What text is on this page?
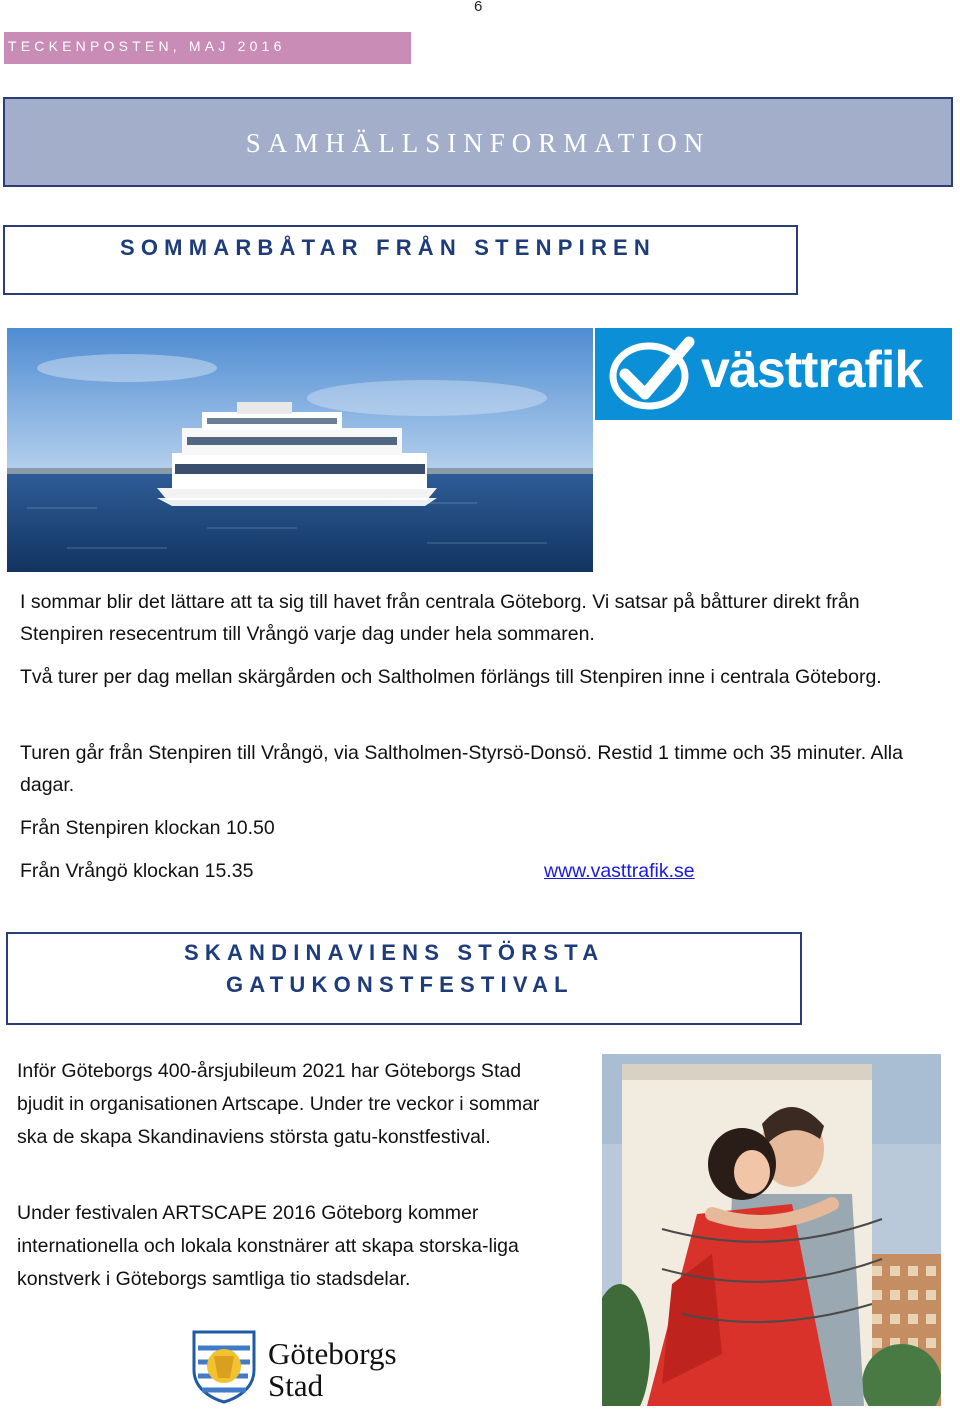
6
TECKENPOSTEN, MAJ 2016
SAMHÄLLSINFORMATION
SOMMARBÅTAR FRÅN STENPIREN
västtrafik
I sommar blir det lättare att ta sig till havet från centrala Göteborg. Vi satsar på båtturer direkt från Stenpiren resecentrum till Vrångö varje dag under hela sommaren.
Två turer per dag mellan skärgården och Saltholmen förlängs till Stenpiren inne i centrala Göteborg.
Turen går från Stenpiren till Vrångö, via Saltholmen-Styrsö-Donsö. Restid 1 timme och 35 minuter. Alla dagar.
Från Stenpiren klockan 10.50
Från Vrångö klockan 15.35	www.vasttrafik.se
SKANDINAVIENS STÖRSTA
GATUKONSTFESTIVAL
Inför Göteborgs 400-årsjubileum 2021 har Göteborgs Stad bjudit in organisationen Artscape. Under tre veckor i sommar ska de skapa Skandinaviens största gatu-konstfestival.
Under festivalen ARTSCAPE 2016 Göteborg kommer internationella och lokala konstnärer att skapa storska-liga konstverk i Göteborgs samtliga tio stadsdelar.
Göteborgs
Stad
